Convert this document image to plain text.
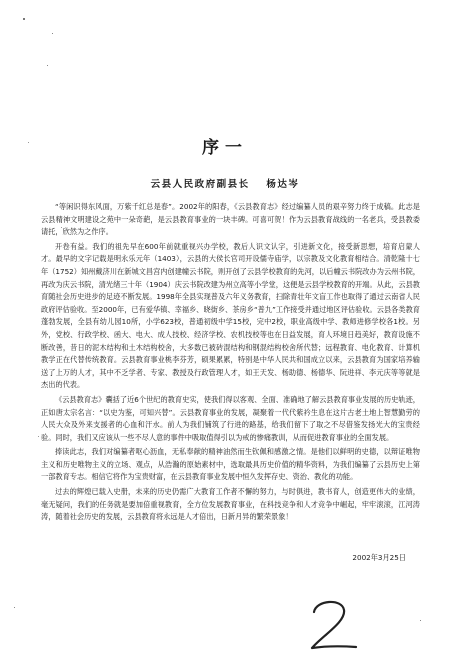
序一
云县人民政府副县长 杨达岑

“等闲识得东风面，万紫千红总是春”。2002年的阳春，《云县教育志》经过编纂人员的艰辛努力终于成稿。此志是云县精神文明建设之苑中一朵奇葩，是云县教育事业的一块丰碑。可喜可贺！作为云县教育战线的一名老兵，受县教委请托，欣然为之作序。

开卷有益。我们的祖先早在600年前就重视兴办学校，教后人识文认字，引进新文化，接受新思想，培育启蒙人才。最早的文字记载是明永乐元年（1403），云县的大侯长官司开设儒寺庙学，以宗教及文化教育相结合。清乾隆十七年（1752）知州戴济川在新城文昌宫内创建幢云书院，则开创了云县学校教育的先河，以后幢云书院改办为云州书院，再改为庆云书院，清光绪三十年（1904）庆云书院改建为州立高等小学堂，这便是云县学校教育的开端。从此，云县教育随社会历史进步的足迹不断发展。1998年全县实现普及六年义务教育，扫除青壮年文盲工作也取得了通过云南省人民政府评估验收。至2000年，已有爱华镇、幸福乡、晓街乡、茶房乡“普九”工作接受并通过地区评估验收。云县各类教育蓬勃发展，全县有幼儿园10所，小学623校，普通初级中学15校，完中2校，职业高级中学、教师进修学校各1校。另外，党校、行政学校、函大、电大、成人技校、经济学校、农机技校等也在日益发展，育人环境日趋美好，教育设施不断改善，昔日的泥木结构和土木结构校舍，大多数已被砖混结构和钢混结构校舍所代替；远程教育、电化教育、计算机教学正在代替传统教育。云县教育事业桃李芬芳，硕果累累，特别是中华人民共和国成立以来，云县教育为国家培养输送了上万的人才，其中不乏学者、专家、教授及行政管理人才，如王天发、杨助德、杨德华、阮进祥、李元庆等等就是杰出的代表。

《云县教育志》囊括了近6个世纪的教育史实，使我们得以客观、全面、准确地了解云县教育事业发展的历史轨迹，正如唐太宗名言：“以史为鉴，可知兴替”。云县教育事业的发展，凝聚着一代代紫衿生息在这片古老土地上智慧勤劳的人民大众及外来支援者的心血和汗水。前人为我们铺筑了行进的路基，给我们留下了取之不尽借鉴发扬光大的宝贵经验。同时，我们又应该从一些不尽人意的事件中吸取值得引以为戒的惨痛教训，从而促进教育事业的全面发展。

捧读此志，我们对编纂者呕心沥血，无私奉献的精神油然而生钦佩和感激之情。是他们以鲜明的史德，以辩证唯物主义和历史唯物主义的立场、观点，从浩瀚的原始素材中，选取最具历史价值的精华资料，为我们编纂了云县历史上第一部教育专志。相信它将作为宝贵财富，在云县教育事业发展中恒久发挥存史、资治、教化的功能。

过去的辉煌已载入史册，未来的历史仍需广大教育工作者不懈的努力，与时俱进，教书育人，创造更伟大的业绩，毫无疑问，我们的任务就是要加倍重视教育，全方位发展教育事业，在科技竞争和人才竞争中崛起，牢牢滚滚，江河涛涛，随着社会历史的发展，云县教育将永远是人才倍出，日新月异的繁荣景象！

2002年3月25日
